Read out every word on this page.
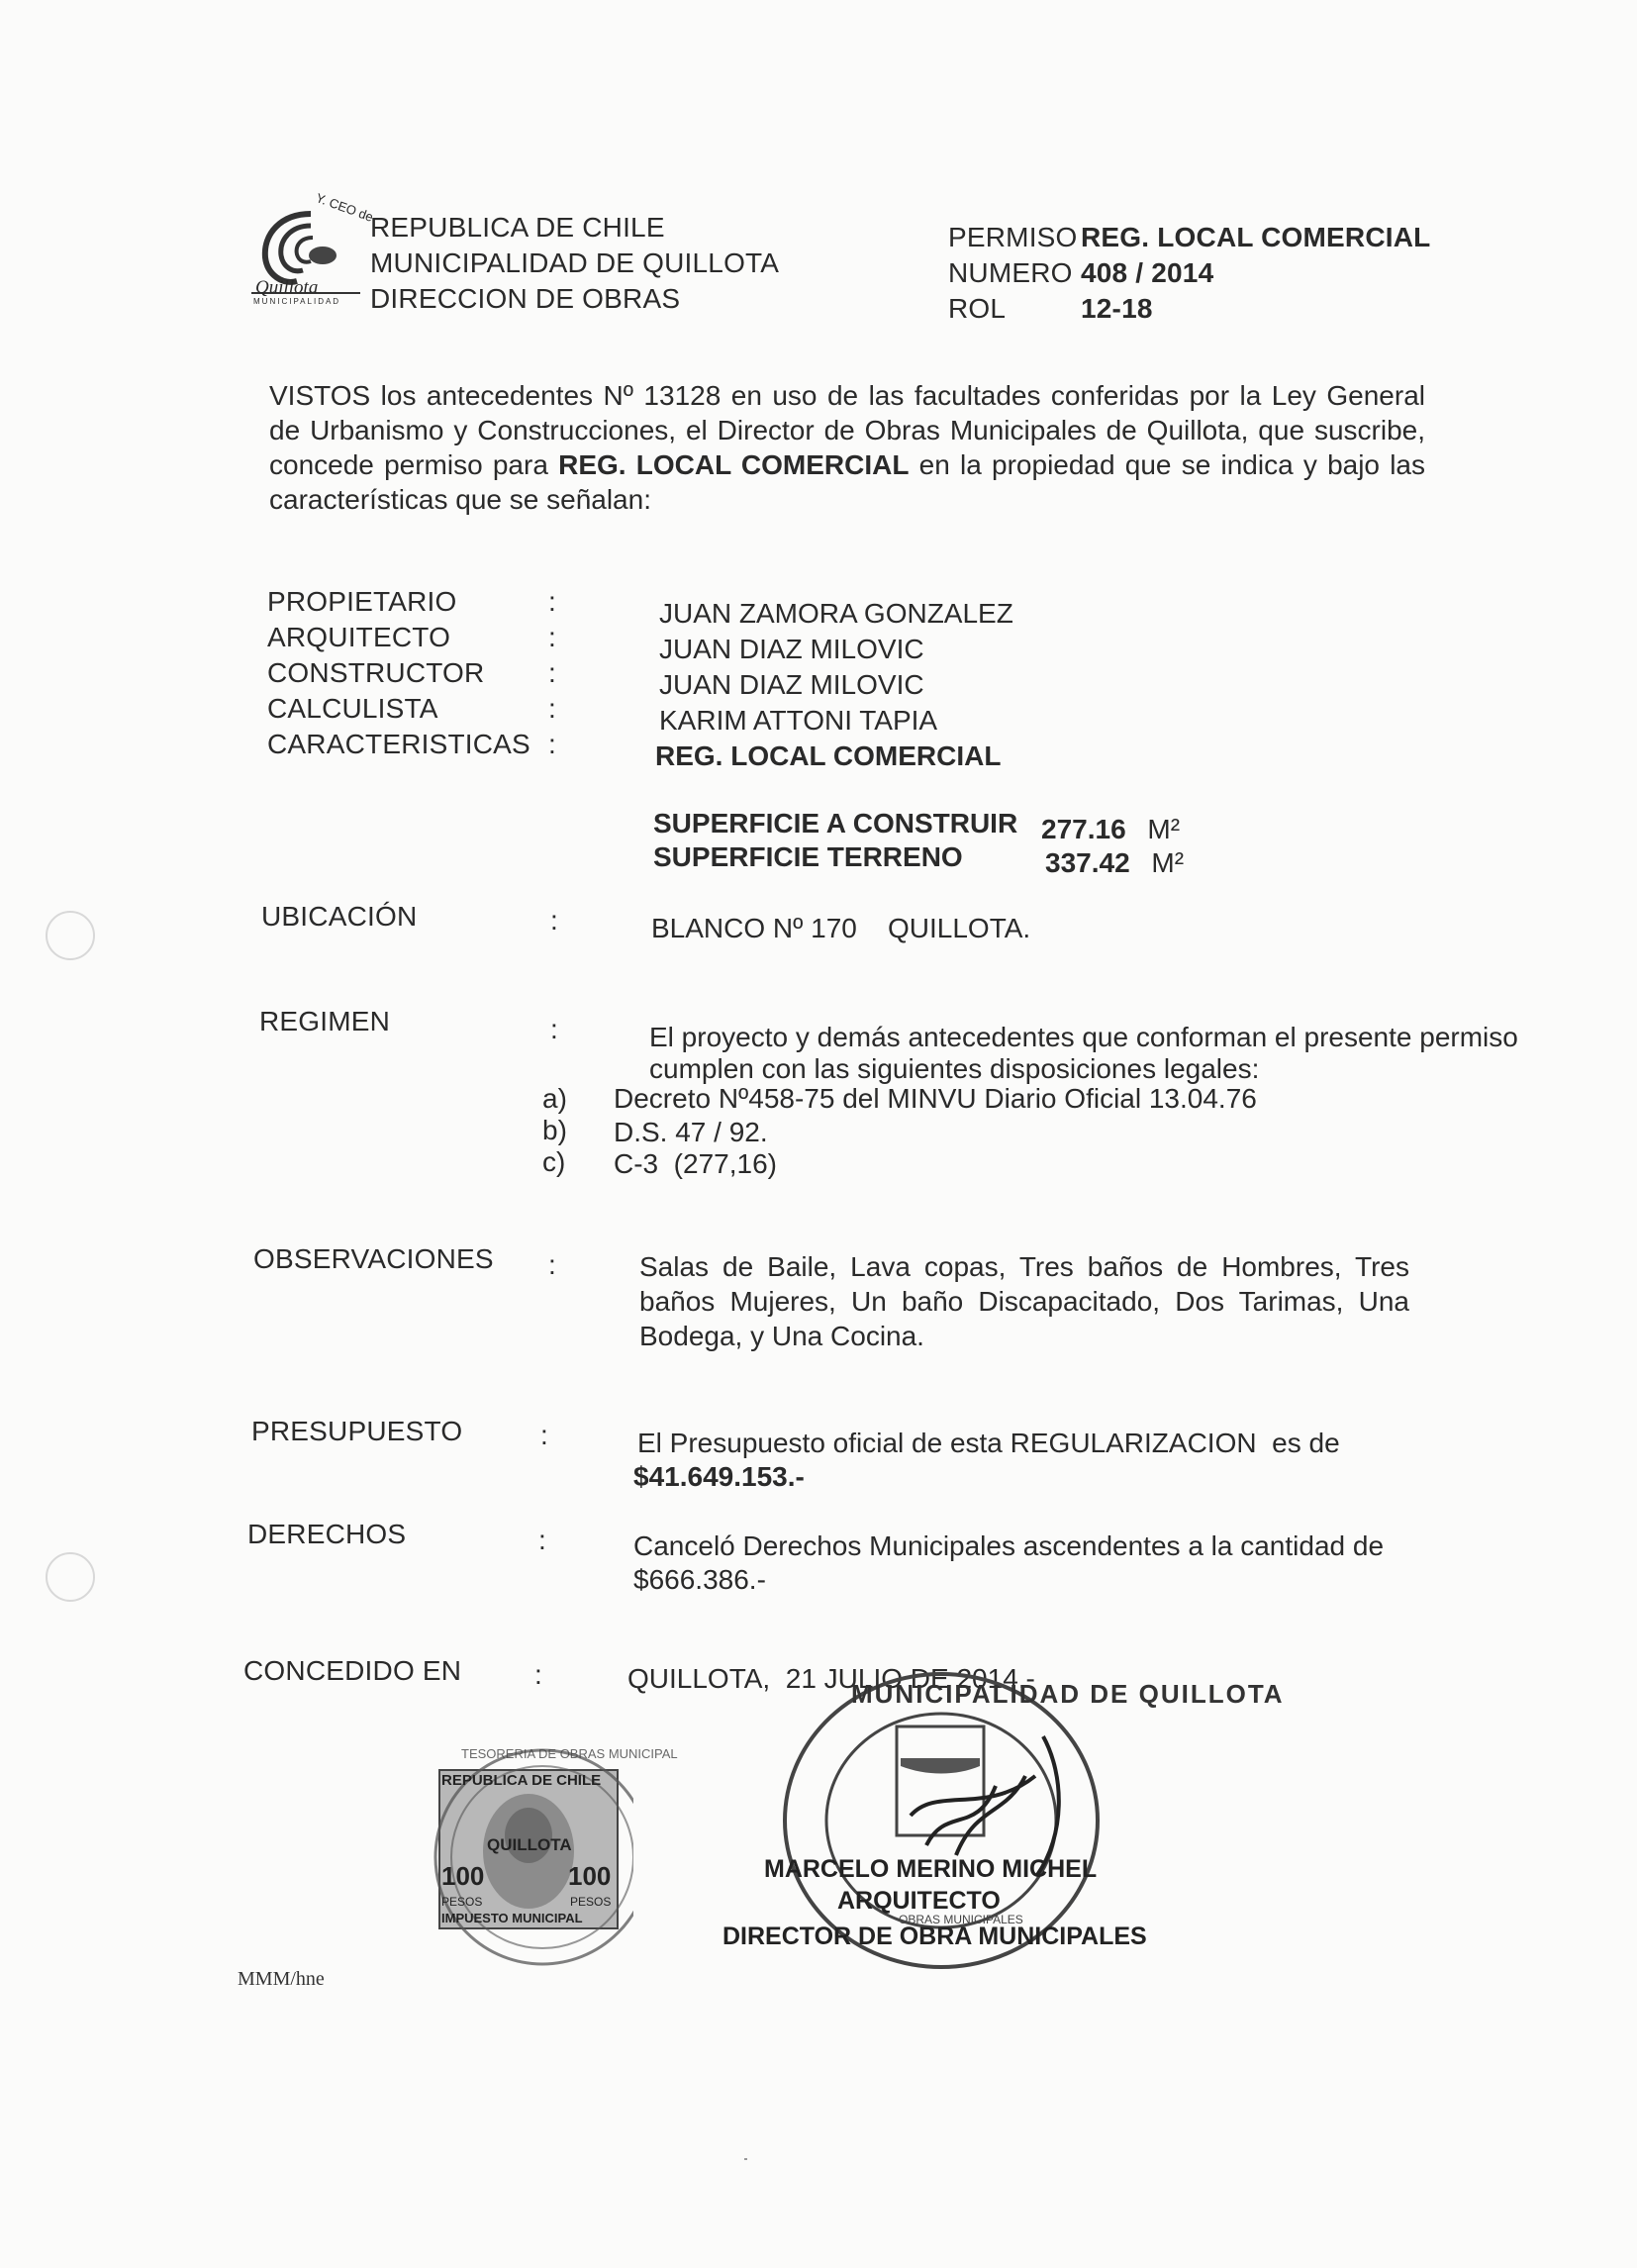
Y. CEO de
Quillota
MUNICIPALIDAD
REPUBLICA DE CHILE
MUNICIPALIDAD DE QUILLOTA
DIRECCION DE OBRAS
PERMISO REG. LOCAL COMERCIAL
NUMERO 408 / 2014
ROL	12-18
VISTOS los antecedentes Nº 13128 en uso de las facultades conferidas por la Ley General de Urbanismo y Construcciones, el Director de Obras Municipales de Quillota, que suscribe, concede permiso para REG. LOCAL COMERCIAL en la propiedad que se indica y bajo las características que se señalan:
PROPIETARIO	:	JUAN ZAMORA GONZALEZ
ARQUITECTO	:	JUAN DIAZ MILOVIC
CONSTRUCTOR :	JUAN DIAZ MILOVIC
CALCULISTA	:	KARIM ATTONI TAPIA
CARACTERISTICAS :	REG. LOCAL COMERCIAL
SUPERFICIE A CONSTRUIR 277.16 M²
SUPERFICIE TERRENO	337.42 M²
UBICACIÓN	:	BLANCO Nº 170    QUILLOTA.
REGIMEN	:	El proyecto y demás antecedentes que conforman el presente permiso
cumplen con las siguientes disposiciones legales:
a) Decreto Nº458-75 del MINVU Diario Oficial 13.04.76
b) D.S. 47 / 92.
c) C-3  (277,16)
OBSERVACIONES :	Salas de Baile, Lava copas, Tres baños de Hombres, Tres baños Mujeres, Un baño Discapacitado, Dos Tarimas, Una Bodega, y Una Cocina.
PRESUPUESTO	:	El Presupuesto oficial de esta REGULARIZACION  es de
$41.649.153.-
DERECHOS	:	Canceló Derechos Municipales ascendentes a la cantidad de
$666.386.-
CONCEDIDO EN	:	QUILLOTA,  21 JULIO DE 2014.-
REPUBLICA DE CHILE
QUILLOTA
100	100
PESOS	PESOS
IMPUESTO MUNICIPAL
TESORERIA DE OBRAS MUNICIPAL
MUNICIPALIDAD DE QUILLOTA
OBRAS MUNICIPALES
MARCELO MERINO MICHEL
ARQUITECTO
DIRECTOR DE OBRA MUNICIPALES
MMM/hne
